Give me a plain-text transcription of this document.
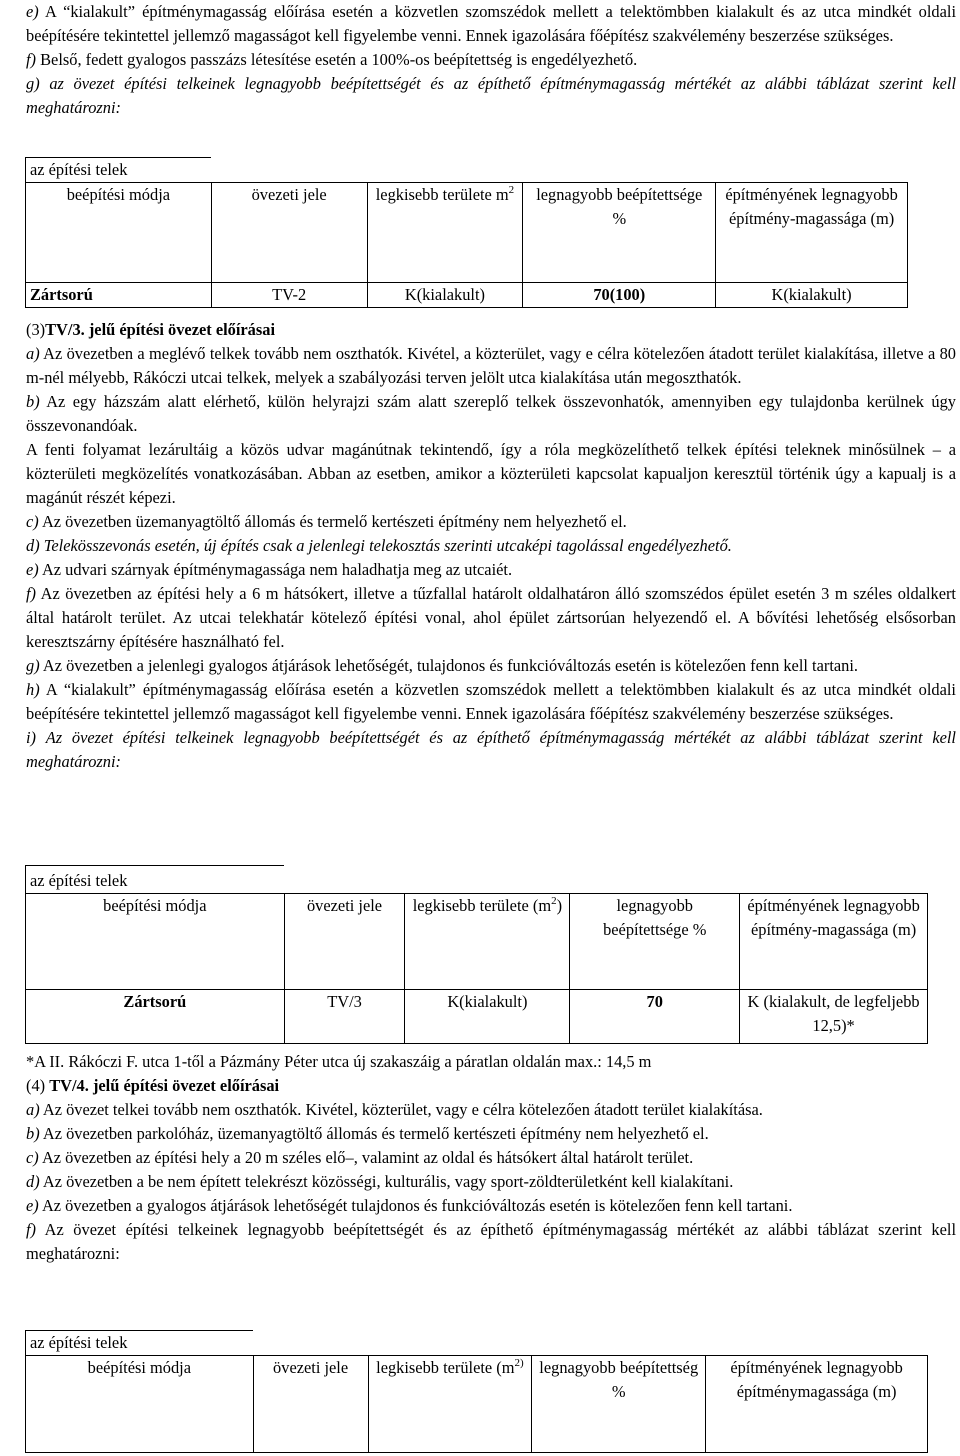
e) A “kialakult” építménymagasság előírása esetén a közvetlen szomszédok mellett a telektömbben kialakult és az utca mindkét oldali beépítésére tekintettel jellemző magasságot kell figyelembe venni. Ennek igazolására főépítész szakvélemény beszerzése szükséges.

f) Belső, fedett gyalogos passzázs létesítése esetén a 100%-os beépítettség is engedélyezhető.

g) az övezet építési telkeinek legnagyobb beépítettségét és az építhető építménymagasság mértékét az alábbi táblázat szerint kell meghatározni:

az építési telek				
beépítési módja	övezeti jele	legkisebb területe $m^2$	legnagyobb beépítettsége %	építményének legnagyobb építmény-magassága (m)
Zártsorú	TV-2	K(kialakult)	70(100)	K(kialakult)

(3)TV/3. jelű építési övezet előírásai

a) Az övezetben a meglévő telkek tovább nem oszthatók. Kivétel, a közterület, vagy e célra kötelezően átadott terület kialakítása, illetve a 80 m-nél mélyebb, Rákóczi utcai telkek, melyek a szabályozási terven jelölt utca kialakítása után megoszthatók.

b) Az egy házszám alatt elérhető, külön helyrajzi szám alatt szereplő telkek összevonhatók, amennyiben egy tulajdonba kerülnek úgy összevonandóak.

A fenti folyamat lezárultáig a közös udvar magánútnak tekintendő, így a róla megközelíthető telkek építési teleknek minősülnek – a közterületi megközelítés vonatkozásában. Abban az esetben, amikor a közterületi kapcsolat kapualjon keresztül történik úgy a kapualj is a magánút részét képezi.

c) Az övezetben üzemanyagtöltő állomás és termelő kertészeti építmény nem helyezhető el.

d) Telekösszevonás esetén, új építés csak a jelenlegi telekosztás szerinti utcaképi tagolással engedélyezhető.

e) Az udvari szárnyak építménymagassága nem haladhatja meg az utcaiét.

f) Az övezetben az építési hely a 6 m hátsókert, illetve a tűzfallal határolt oldalhatáron álló szomszédos épület esetén 3 m széles oldalkert által határolt terület. Az utcai telekhatár kötelező építési vonal, ahol épület zártsorúan helyezendő el. A bővítési lehetőség elsősorban keresztszárny építésére használható fel.

g) Az övezetben a jelenlegi gyalogos átjárások lehetőségét, tulajdonos és funkcióváltozás esetén is kötelezően fenn kell tartani.

h) A “kialakult” építménymagasság előírása esetén a közvetlen szomszédok mellett a telektömbben kialakult és az utca mindkét oldali beépítésére tekintettel jellemző magasságot kell figyelembe venni. Ennek igazolására főépítész szakvélemény beszerzése szükséges.

i) Az övezet építési telkeinek legnagyobb beépítettségét és az építhető építménymagasság mértékét az alábbi táblázat szerint kell meghatározni:

az építési telek				
beépítési módja	övezeti jele	legkisebb területe $(m^2)$	legnagyobb beépítettsége %	építményének legnagyobb építmény-magassága (m)
Zártsorú	TV/3	K(kialakult)	70	K (kialakult, de legfeljebb 12,5)*

*A II. Rákóczi F. utca 1-től a Pázmány Péter utca új szakaszáig a páratlan oldalán max.: 14,5 m

(4) TV/4. jelű építési övezet előírásai

a) Az övezet telkei tovább nem oszthatók. Kivétel, közterület, vagy e célra kötelezően átadott terület kialakítása.

b) Az övezetben parkolóház, üzemanyagtöltő állomás és termelő kertészeti építmény nem helyezhető el.

c) Az övezetben az építési hely a 20 m széles elő–, valamint az oldal és hátsókert által határolt terület.

d) Az övezetben a be nem épített telekrészt közösségi, kulturális, vagy sport-zöldterületként kell kialakítani.

e) Az övezetben a gyalogos átjárások lehetőségét tulajdonos és funkcióváltozás esetén is kötelezően fenn kell tartani.

f) Az övezet építési telkeinek legnagyobb beépítettségét és az építhető építménymagasság mértékét az alábbi táblázat szerint kell meghatározni:

az építési telek				
beépítési módja	övezeti jele	legkisebb területe ($m^{2)}$	legnagyobb beépítettség %	építményének legnagyobb építménymagassága (m)
